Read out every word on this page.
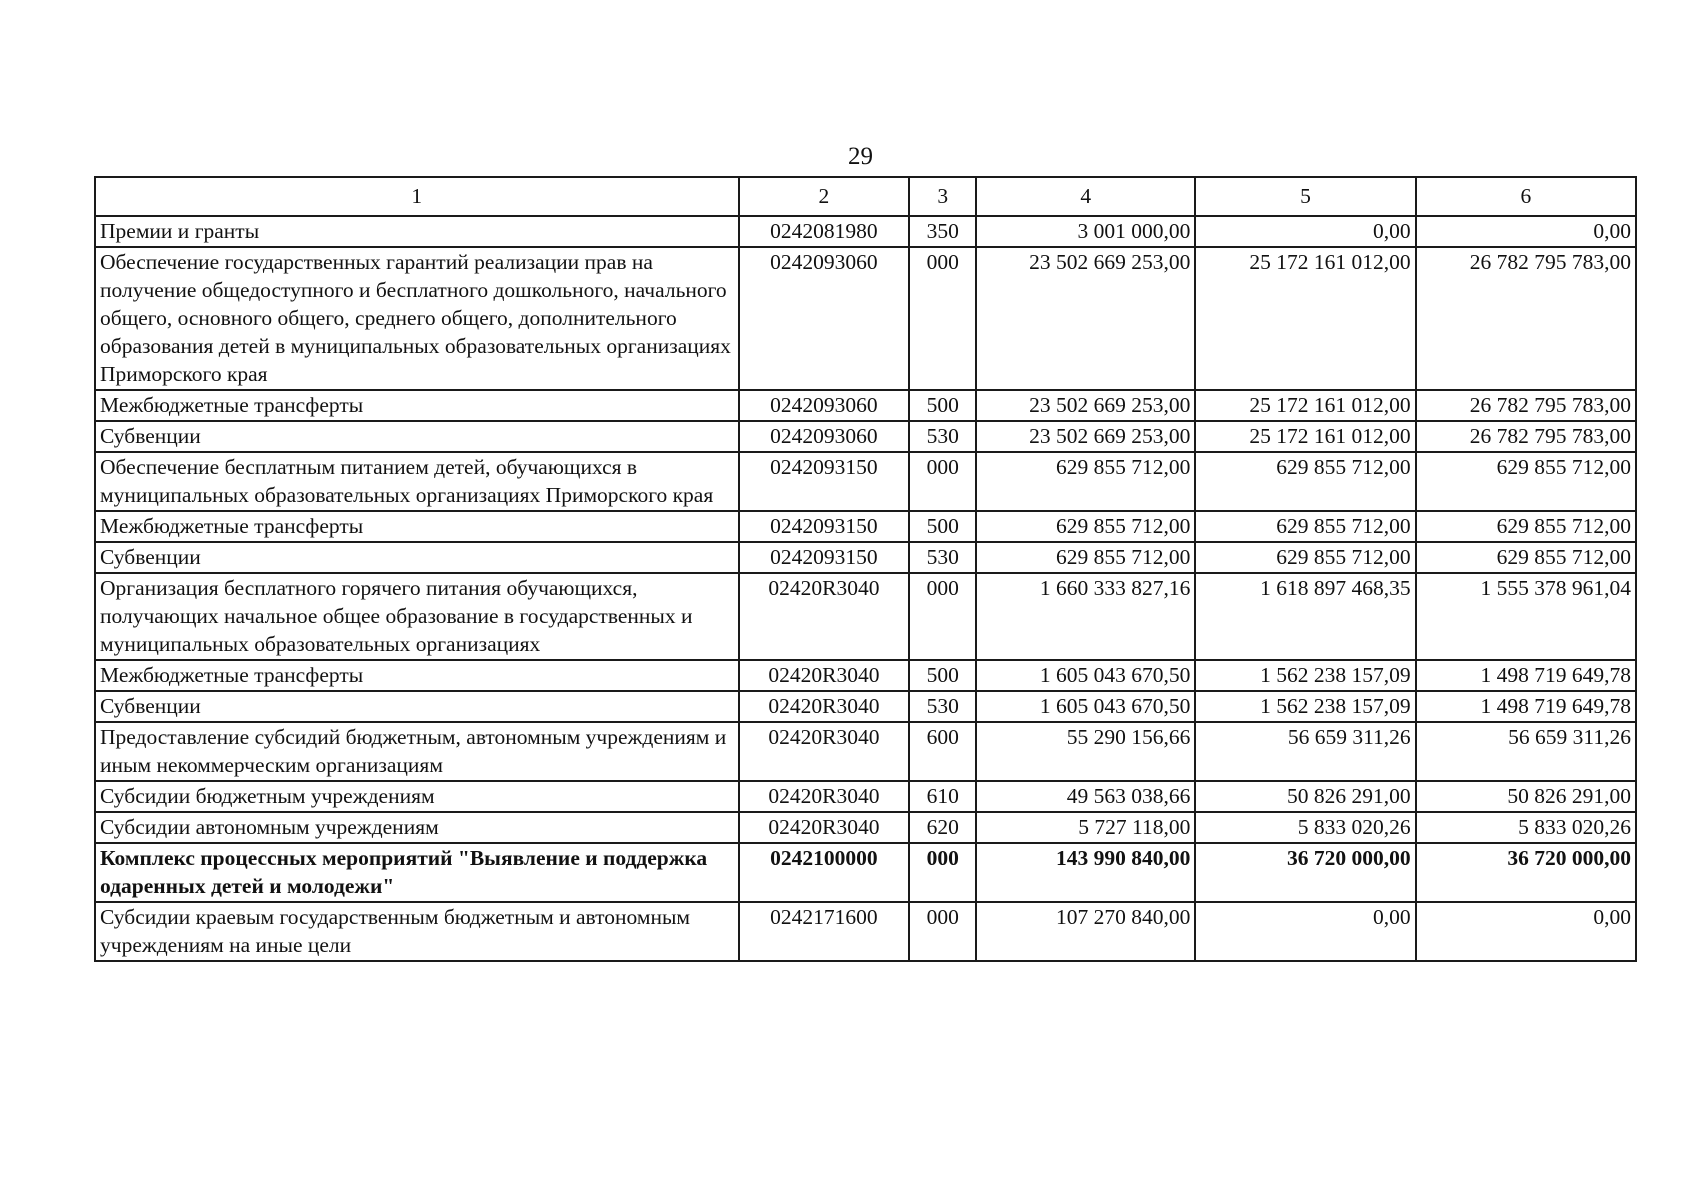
29
1	2	3	4	5	6
Премии и гранты	0242081980	350	3 001 000,00	0,00	0,00
Обеспечение государственных гарантий реализации прав на получение общедоступного и бесплатного дошкольного, начального общего, основного общего, среднего общего, дополнительного образования детей в муниципальных образовательных организациях Приморского края	0242093060	000	23 502 669 253,00	25 172 161 012,00	26 782 795 783,00
Межбюджетные трансферты	0242093060	500	23 502 669 253,00	25 172 161 012,00	26 782 795 783,00
Субвенции	0242093060	530	23 502 669 253,00	25 172 161 012,00	26 782 795 783,00
Обеспечение бесплатным питанием детей, обучающихся в муниципальных образовательных организациях Приморского края	0242093150	000	629 855 712,00	629 855 712,00	629 855 712,00
Межбюджетные трансферты	0242093150	500	629 855 712,00	629 855 712,00	629 855 712,00
Субвенции	0242093150	530	629 855 712,00	629 855 712,00	629 855 712,00
Организация бесплатного горячего питания обучающихся, получающих начальное общее образование в государственных и муниципальных образовательных организациях	02420R3040	000	1 660 333 827,16	1 618 897 468,35	1 555 378 961,04
Межбюджетные трансферты	02420R3040	500	1 605 043 670,50	1 562 238 157,09	1 498 719 649,78
Субвенции	02420R3040	530	1 605 043 670,50	1 562 238 157,09	1 498 719 649,78
Предоставление субсидий бюджетным, автономным учреждениям и иным некоммерческим организациям	02420R3040	600	55 290 156,66	56 659 311,26	56 659 311,26
Субсидии бюджетным учреждениям	02420R3040	610	49 563 038,66	50 826 291,00	50 826 291,00
Субсидии автономным учреждениям	02420R3040	620	5 727 118,00	5 833 020,26	5 833 020,26
Комплекс процессных мероприятий "Выявление и поддержка одаренных детей и молодежи"	0242100000	000	143 990 840,00	36 720 000,00	36 720 000,00
Субсидии краевым государственным бюджетным и автономным учреждениям на иные цели	0242171600	000	107 270 840,00	0,00	0,00
